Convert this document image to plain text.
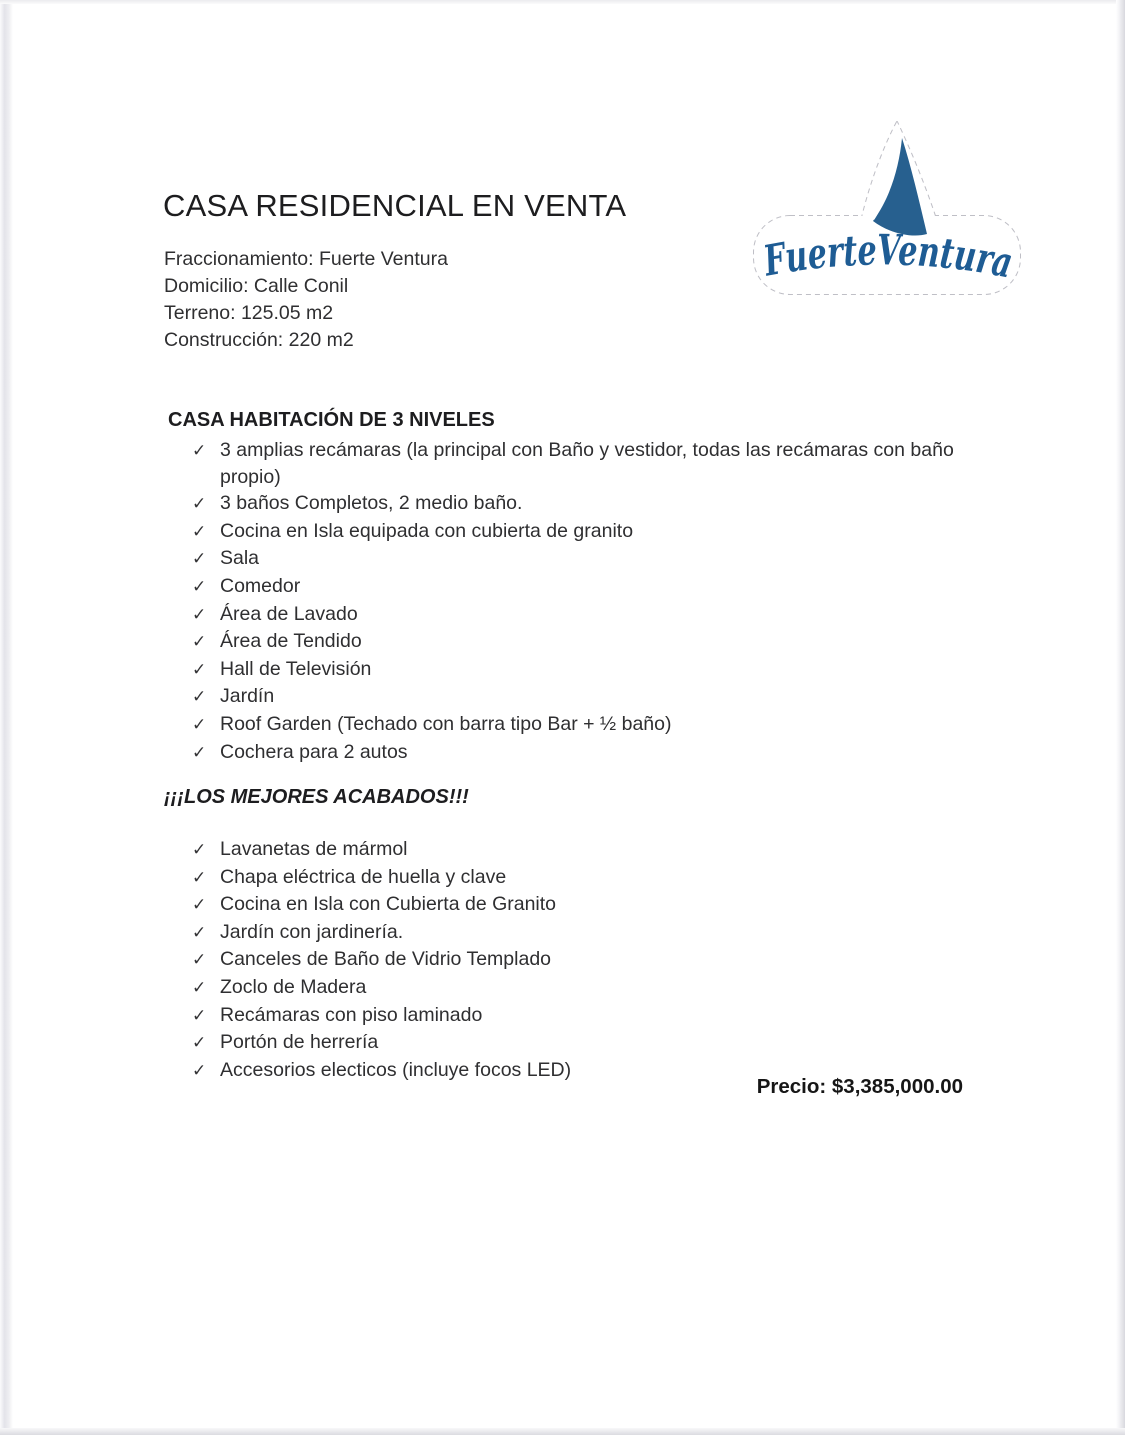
CASA RESIDENCIAL EN VENTA
Fraccionamiento: Fuerte Ventura
Domicilio: Calle Conil
Terreno: 125.05 m2
Construcción: 220 m2
FuerteVentura
CASA HABITACIÓN DE 3 NIVELES
✓ 3 amplias recámaras (la principal con Baño y vestidor, todas las recámaras con baño propio)
✓ 3 baños Completos, 2 medio baño.
✓ Cocina en Isla equipada con cubierta de granito
✓ Sala
✓ Comedor
✓ Área de Lavado
✓ Área de Tendido
✓ Hall de Televisión
✓ Jardín
✓ Roof Garden (Techado con barra tipo Bar + ½ baño)
✓ Cochera para 2 autos
¡¡¡LOS MEJORES ACABADOS!!!
✓ Lavanetas de mármol
✓ Chapa eléctrica de huella y clave
✓ Cocina en Isla con Cubierta de Granito
✓ Jardín con jardinería.
✓ Canceles de Baño de Vidrio Templado
✓ Zoclo de Madera
✓ Recámaras con piso laminado
✓ Portón de herrería
✓ Accesorios electicos (incluye focos LED)
Precio: $3,385,000.00
